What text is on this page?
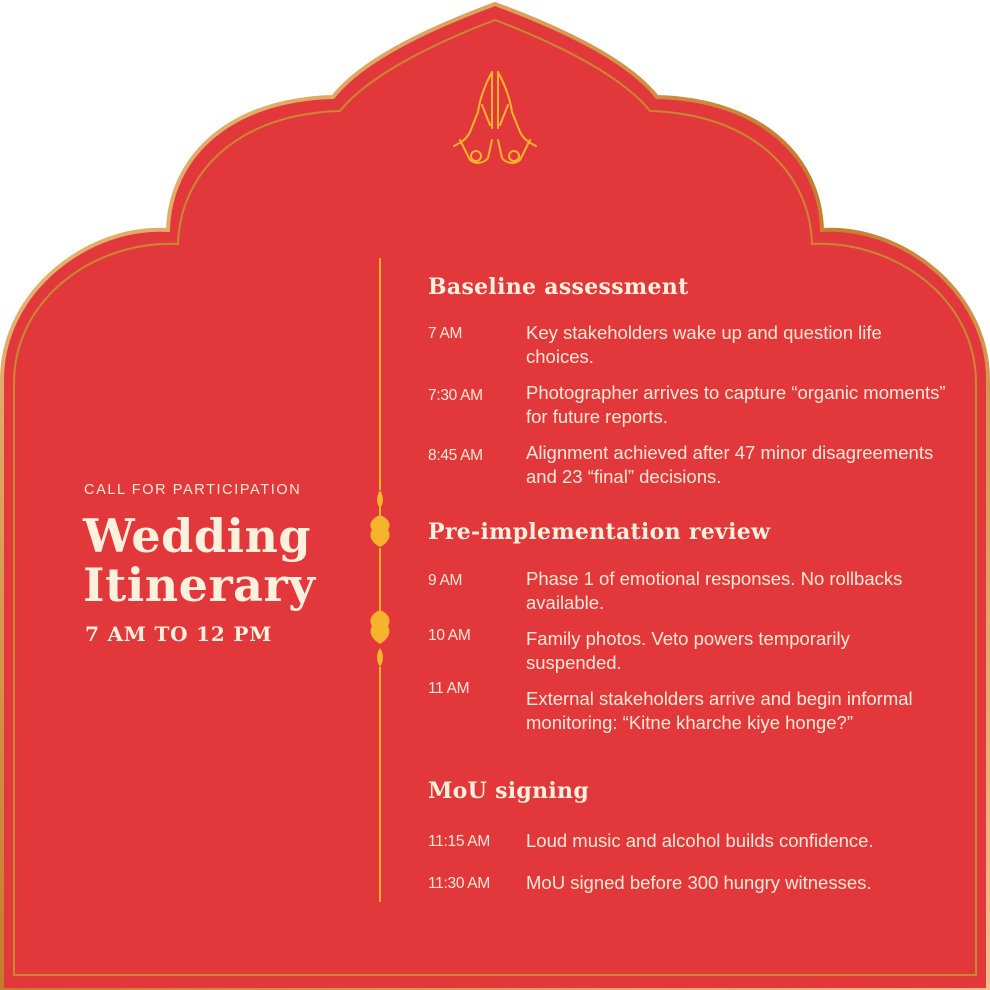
CALL FOR PARTICIPATION
Wedding
Itinerary
7 AM TO 12 PM
Baseline assessment
7 AM	Key stakeholders wake up and question life choices.
7:30 AM Photographer arrives to capture “organic moments” for future reports.
8:45 AM Alignment achieved after 47 minor disagreements and 23 “final” decisions.
Pre-implementation review
9 AM	Phase 1 of emotional responses. No rollbacks available.
10 AM	Family photos. Veto powers temporarily suspended.
11 AM	External stakeholders arrive and begin informal monitoring: “Kitne kharche kiye honge?”
MoU signing
11:15 AM Loud music and alcohol builds confidence.
11:30 AM MoU signed before 300 hungry witnesses.
